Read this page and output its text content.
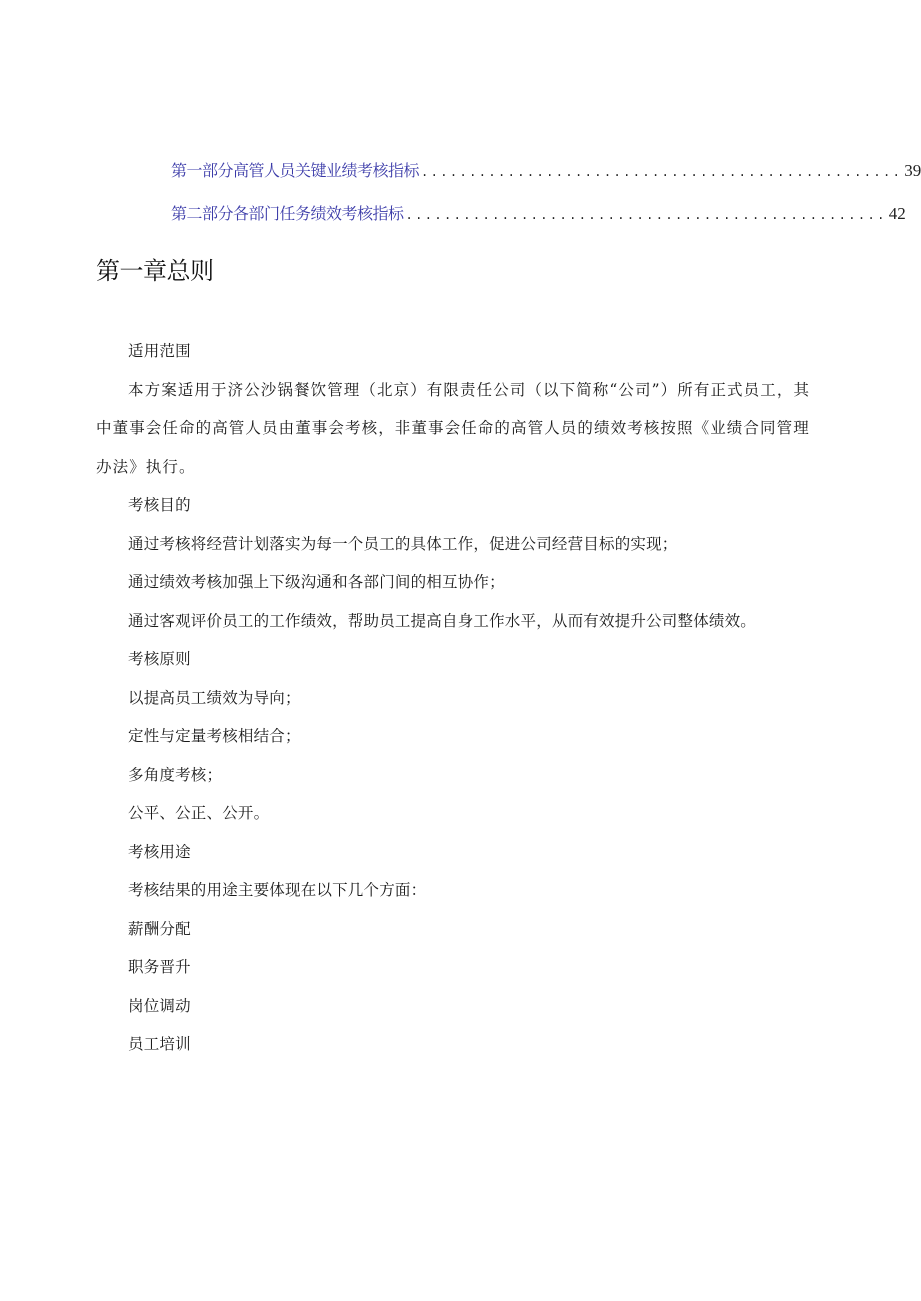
第一部分高管人员关键业绩考核指标 .................................................. 39
第二部分各部门任务绩效考核指标 .................................................. 42
第一章总则

适用范围

本方案适用于济公沙锅餐饮管理（北京）有限责任公司（以下简称“公司”）所有正式员工，其中董事会任命的高管人员由董事会考核，非董事会任命的高管人员的绩效考核按照《业绩合同管理办法》执行。

考核目的

通过考核将经营计划落实为每一个员工的具体工作，促进公司经营目标的实现；

通过绩效考核加强上下级沟通和各部门间的相互协作；

通过客观评价员工的工作绩效，帮助员工提高自身工作水平，从而有效提升公司整体绩效。

考核原则

以提高员工绩效为导向；

定性与定量考核相结合；

多角度考核；

公平、公正、公开。

考核用途

考核结果的用途主要体现在以下几个方面：

薪酬分配

职务晋升

岗位调动

员工培训
